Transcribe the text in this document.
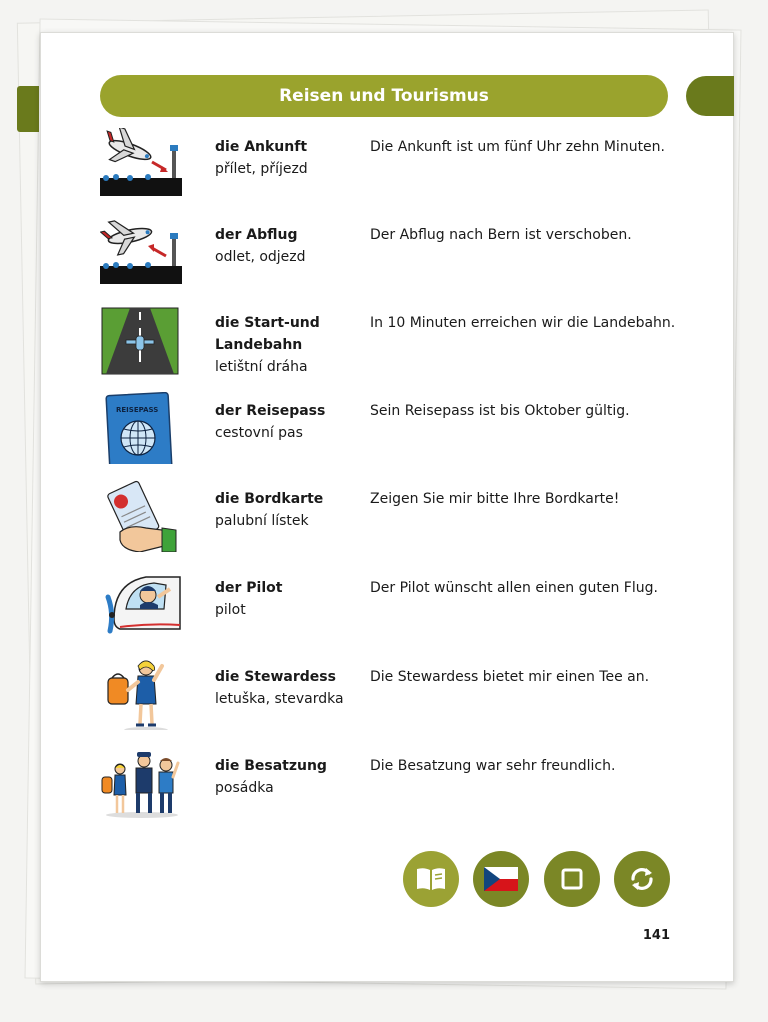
Reisen und Tourismus
die Ankunft
přílet, příjezd
Die Ankunft ist um fünf Uhr zehn Minuten.
der Abflug
odlet, odjezd
Der Abflug nach Bern ist verschoben.
die Start-und Landebahn
letištní dráha
In 10 Minuten erreichen wir die Landebahn.
REISEPASS	der Reisepass
cestovní pas
Sein Reisepass ist bis Oktober gültig.
die Bordkarte
palubní lístek
Zeigen Sie mir bitte Ihre Bordkarte!
der Pilot
pilot
Der Pilot wünscht allen einen guten Flug.
die Stewardess
letuška, stevardka
Die Stewardess bietet mir einen Tee an.
die Besatzung
posádka
Die Besatzung war sehr freundlich.
141
